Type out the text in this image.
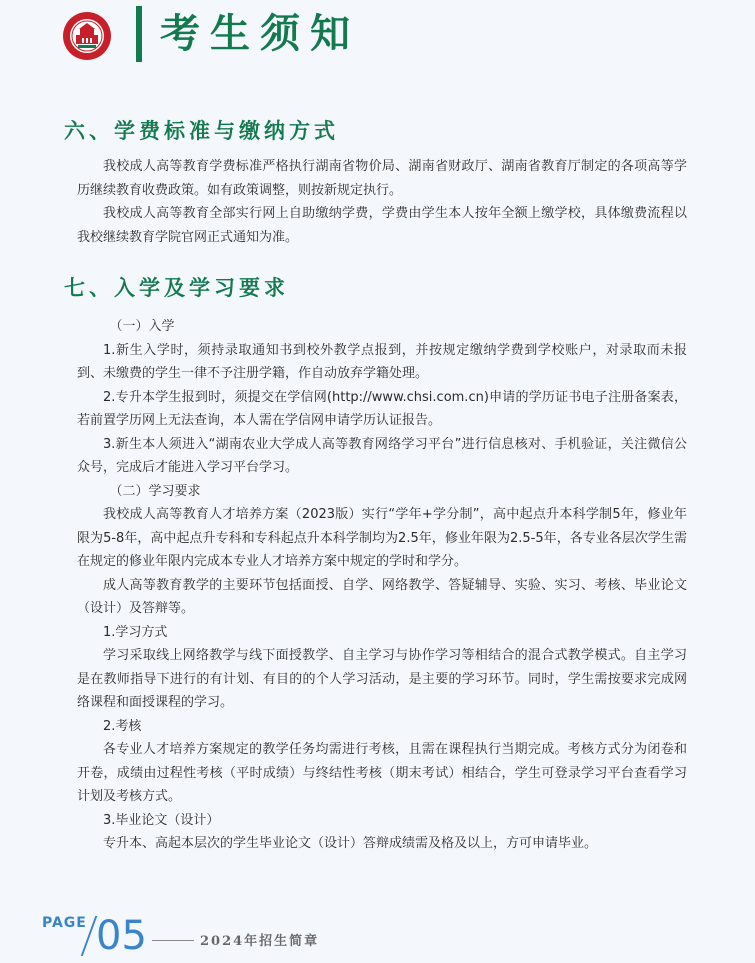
考生须知
六、学费标准与缴纳方式

我校成人高等教育学费标准严格执行湖南省物价局、湖南省财政厅、湖南省教育厅制定的各项高等学历继续教育收费政策。如有政策调整，则按新规定执行。

我校成人高等教育全部实行网上自助缴纳学费，学费由学生本人按年全额上缴学校，具体缴费流程以我校继续教育学院官网正式通知为准。

七、入学及学习要求

（一）入学

1.新生入学时，须持录取通知书到校外教学点报到，并按规定缴纳学费到学校账户，对录取而未报到、未缴费的学生一律不予注册学籍，作自动放弃学籍处理。

2.专升本学生报到时，须提交在学信网(http://www.chsi.com.cn)申请的学历证书电子注册备案表，若前置学历网上无法查询，本人需在学信网申请学历认证报告。

3.新生本人须进入“湖南农业大学成人高等教育网络学习平台”进行信息核对、手机验证，关注微信公众号，完成后才能进入学习平台学习。

（二）学习要求

我校成人高等教育人才培养方案（2023版）实行“学年+学分制”，高中起点升本科学制5年，修业年限为5-8年，高中起点升专科和专科起点升本科学制均为2.5年，修业年限为2.5-5年，各专业各层次学生需在规定的修业年限内完成本专业人才培养方案中规定的学时和学分。

成人高等教育教学的主要环节包括面授、自学、网络教学、答疑辅导、实验、实习、考核、毕业论文（设计）及答辩等。

1.学习方式

学习采取线上网络教学与线下面授教学、自主学习与协作学习等相结合的混合式教学模式。自主学习是在教师指导下进行的有计划、有目的的个人学习活动，是主要的学习环节。同时，学生需按要求完成网络课程和面授课程的学习。

2.考核

各专业人才培养方案规定的教学任务均需进行考核，且需在课程执行当期完成。考核方式分为闭卷和开卷，成绩由过程性考核（平时成绩）与终结性考核（期末考试）相结合，学生可登录学习平台查看学习计划及考核方式。

3.毕业论文（设计）

专升本、高起本层次的学生毕业论文（设计）答辩成绩需及格及以上，方可申请毕业。

PAGE 05	2024年招生简章
